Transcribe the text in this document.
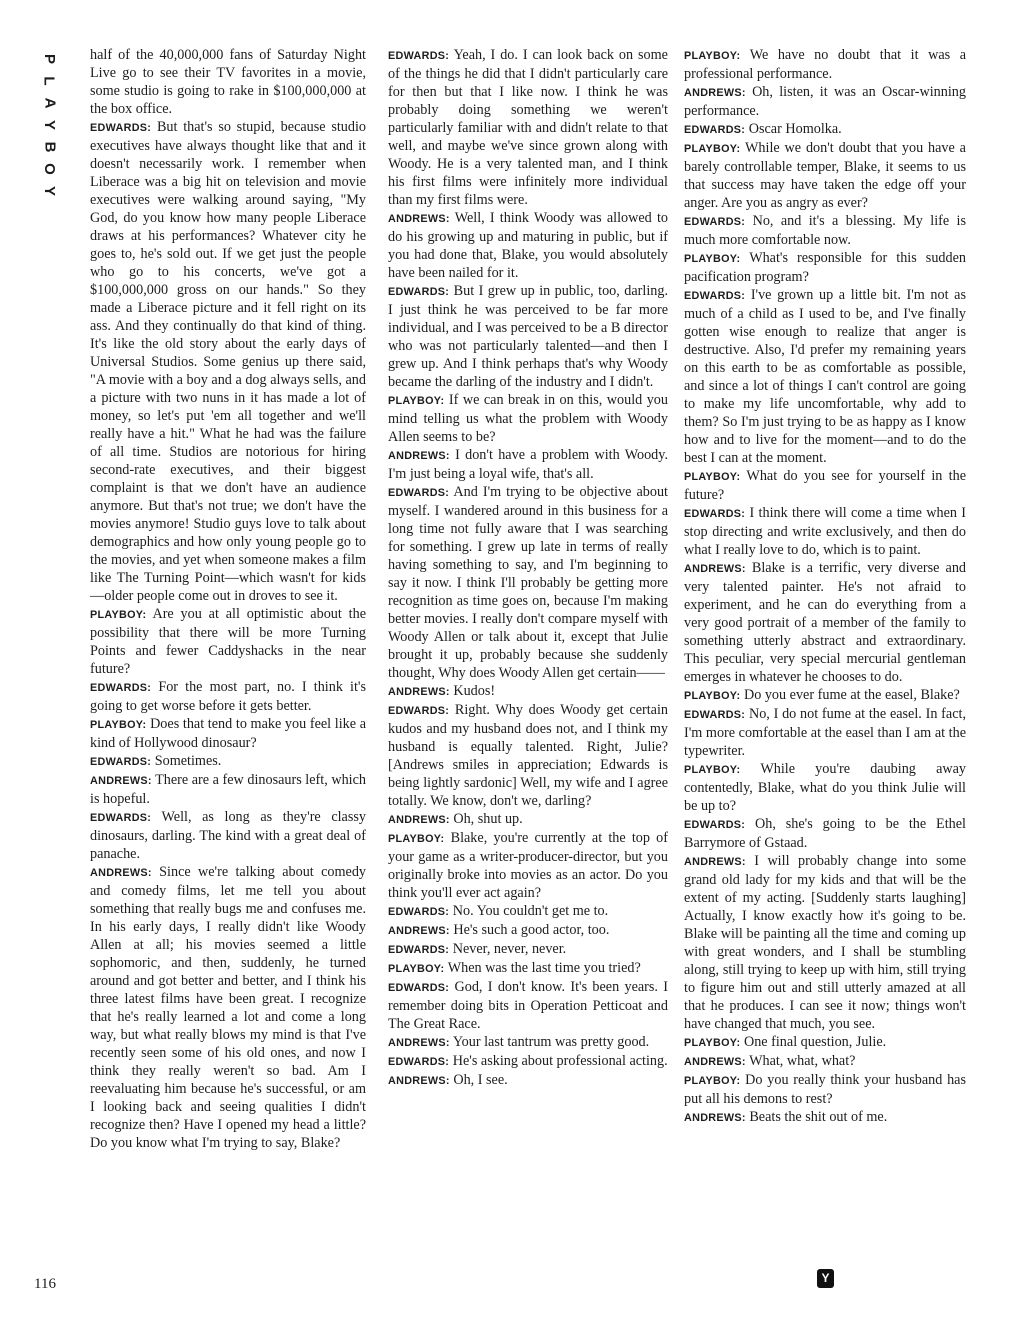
P
L
A
Y
B
O
Y

half of the 40,000,000 fans of Saturday Night Live go to see their TV favorites in a movie, some studio is going to rake in $100,000,000 at the box office.

EDWARDS: But that's so stupid, because studio executives have always thought like that and it doesn't necessarily work. I remember when Liberace was a big hit on television and movie executives were walking around saying, "My God, do you know how many people Liberace draws at his performances? Whatever city he goes to, he's sold out. If we get just the people who go to his concerts, we've got a $100,000,000 gross on our hands." So they made a Liberace picture and it fell right on its ass. And they continually do that kind of thing. It's like the old story about the early days of Universal Studios. Some genius up there said, "A movie with a boy and a dog always sells, and a picture with two nuns in it has made a lot of money, so let's put 'em all together and we'll really have a hit." What he had was the failure of all time. Studios are notorious for hiring second-rate executives, and their biggest complaint is that we don't have an audience anymore. But that's not true; we don't have the movies anymore! Studio guys love to talk about demographics and how only young people go to the movies, and yet when someone makes a film like The Turning Point—which wasn't for kids—older people come out in droves to see it.

PLAYBOY: Are you at all optimistic about the possibility that there will be more Turning Points and fewer Caddyshacks in the near future?

EDWARDS: For the most part, no. I think it's going to get worse before it gets better.

PLAYBOY: Does that tend to make you feel like a kind of Hollywood dinosaur?

EDWARDS: Sometimes.

ANDREWS: There are a few dinosaurs left, which is hopeful.

EDWARDS: Well, as long as they're classy dinosaurs, darling. The kind with a great deal of panache.

ANDREWS: Since we're talking about comedy and comedy films, let me tell you about something that really bugs me and confuses me. In his early days, I really didn't like Woody Allen at all; his movies seemed a little sophomoric, and then, suddenly, he turned around and got better and better, and I think his three latest films have been great. I recognize that he's really learned a lot and come a long way, but what really blows my mind is that I've recently seen some of his old ones, and now I think they really weren't so bad. Am I reevaluating him because he's successful, or am I looking back and seeing qualities I didn't recognize then? Have I opened my head a little? Do you know what I'm trying to say, Blake?

EDWARDS: Yeah, I do. I can look back on some of the things he did that I didn't particularly care for then but that I like now. I think he was probably doing something we weren't particularly familiar with and didn't relate to that well, and maybe we've since grown along with Woody. He is a very talented man, and I think his first films were infinitely more individual than my first films were.

ANDREWS: Well, I think Woody was allowed to do his growing up and maturing in public, but if you had done that, Blake, you would absolutely have been nailed for it.

EDWARDS: But I grew up in public, too, darling. I just think he was perceived to be far more individual, and I was perceived to be a B director who was not particularly talented—and then I grew up. And I think perhaps that's why Woody became the darling of the industry and I didn't.

PLAYBOY: If we can break in on this, would you mind telling us what the problem with Woody Allen seems to be?

ANDREWS: I don't have a problem with Woody. I'm just being a loyal wife, that's all.

EDWARDS: And I'm trying to be objective about myself. I wandered around in this business for a long time not fully aware that I was searching for something. I grew up late in terms of really having something to say, and I'm beginning to say it now. I think I'll probably be getting more recognition as time goes on, because I'm making better movies. I really don't compare myself with Woody Allen or talk about it, except that Julie brought it up, probably because she suddenly thought, Why does Woody Allen get certain——

ANDREWS: Kudos!

EDWARDS: Right. Why does Woody get certain kudos and my husband does not, and I think my husband is equally talented. Right, Julie? [Andrews smiles in appreciation; Edwards is being lightly sardonic] Well, my wife and I agree totally. We know, don't we, darling?

ANDREWS: Oh, shut up.

PLAYBOY: Blake, you're currently at the top of your game as a writer-producer-director, but you originally broke into movies as an actor. Do you think you'll ever act again?

EDWARDS: No. You couldn't get me to.

ANDREWS: He's such a good actor, too.

EDWARDS: Never, never, never.

PLAYBOY: When was the last time you tried?

EDWARDS: God, I don't know. It's been years. I remember doing bits in Operation Petticoat and The Great Race.

ANDREWS: Your last tantrum was pretty good.

EDWARDS: He's asking about professional acting.

ANDREWS: Oh, I see.

PLAYBOY: We have no doubt that it was a professional performance.

ANDREWS: Oh, listen, it was an Oscar-winning performance.

EDWARDS: Oscar Homolka.

PLAYBOY: While we don't doubt that you have a barely controllable temper, Blake, it seems to us that success may have taken the edge off your anger. Are you as angry as ever?

EDWARDS: No, and it's a blessing. My life is much more comfortable now.

PLAYBOY: What's responsible for this sudden pacification program?

EDWARDS: I've grown up a little bit. I'm not as much of a child as I used to be, and I've finally gotten wise enough to realize that anger is destructive. Also, I'd prefer my remaining years on this earth to be as comfortable as possible, and since a lot of things I can't control are going to make my life uncomfortable, why add to them? So I'm just trying to be as happy as I know how and to live for the moment—and to do the best I can at the moment.

PLAYBOY: What do you see for yourself in the future?

EDWARDS: I think there will come a time when I stop directing and write exclusively, and then do what I really love to do, which is to paint.

ANDREWS: Blake is a terrific, very diverse and very talented painter. He's not afraid to experiment, and he can do everything from a very good portrait of a member of the family to something utterly abstract and extraordinary. This peculiar, very special mercurial gentleman emerges in whatever he chooses to do.

PLAYBOY: Do you ever fume at the easel, Blake?

EDWARDS: No, I do not fume at the easel. In fact, I'm more comfortable at the easel than I am at the typewriter.

PLAYBOY: While you're daubing away contentedly, Blake, what do you think Julie will be up to?

EDWARDS: Oh, she's going to be the Ethel Barrymore of Gstaad.

ANDREWS: I will probably change into some grand old lady for my kids and that will be the extent of my acting. [Suddenly starts laughing] Actually, I know exactly how it's going to be. Blake will be painting all the time and coming up with great wonders, and I shall be stumbling along, still trying to keep up with him, still trying to figure him out and still utterly amazed at all that he produces. I can see it now; things won't have changed that much, you see.

PLAYBOY: One final question, Julie.

ANDREWS: What, what, what?

PLAYBOY: Do you really think your husband has put all his demons to rest?

ANDREWS: Beats the shit out of me.

116	Y
